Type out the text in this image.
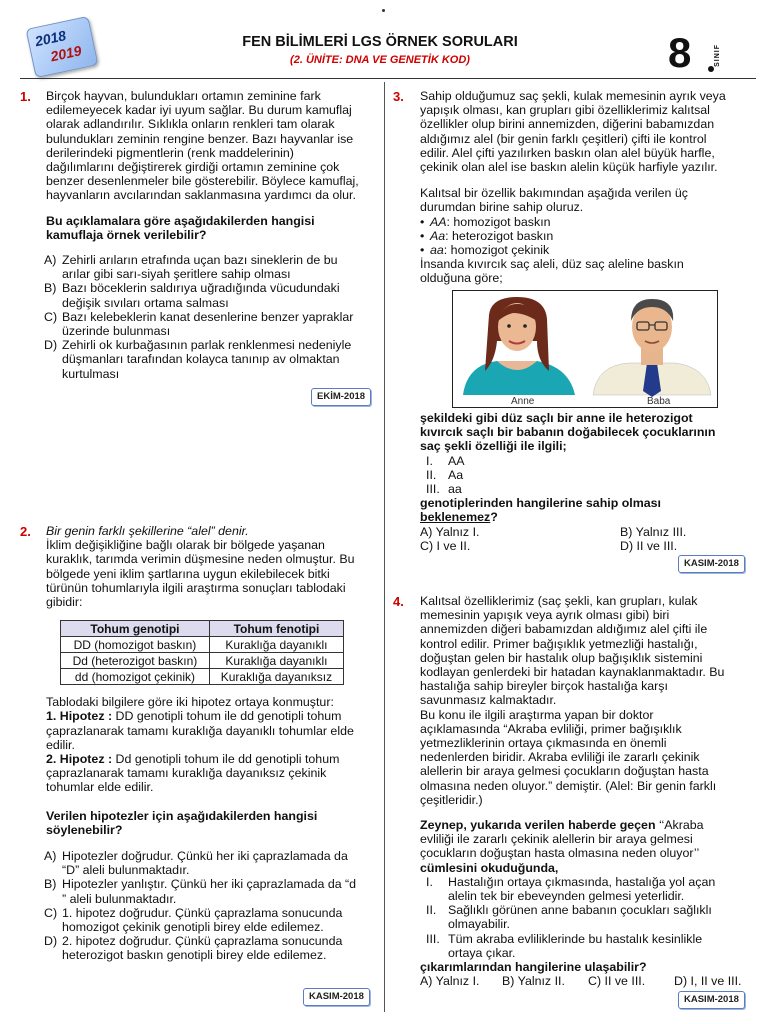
2018
2019
FEN BİLİMLERİ LGS ÖRNEK SORULARI
(2. ÜNİTE: DNA VE GENETİK KOD)	8	SINIF
1. Birçok hayvan, bulundukları ortamın zeminine fark
edilemeyecek kadar iyi uyum sağlar. Bu durum kamuflaj
olarak adlandırılır. Sıklıkla onların renkleri tam olarak
bulundukları zeminin rengine benzer. Bazı hayvanlar ise
derilerindeki pigmentlerin (renk maddelerinin)
dağılımlarını değiştirerek girdiği ortamın zeminine çok
benzer desenlenmeler bile gösterebilir. Böylece kamuflaj,
hayvanların avcılarından saklanmasına yardımcı da olur.
Bu açıklamalara göre aşağıdakilerden hangisi
kamuflaja örnek verilebilir?
A) Zehirli arıların etrafında uçan bazı sineklerin de bu
arılar gibi sarı-siyah şeritlere sahip olması
B) Bazı böceklerin saldırıya uğradığında vücudundaki
değişik sıvıları ortama salması
C) Bazı kelebeklerin kanat desenlerine benzer yapraklar
üzerinde bulunması
D) Zehirli ok kurbağasının parlak renklenmesi nedeniyle
düşmanları tarafından kolayca tanınıp av olmaktan
kurtulması
EKİM-2018
2. Bir genin farklı şekillerine “alel” denir.
İklim değişikliğine bağlı olarak bir bölgede yaşanan
kuraklık, tarımda verimin düşmesine neden olmuştur. Bu
bölgede yeni iklim şartlarına uygun ekilebilecek bitki
türünün tohumlarıyla ilgili araştırma sonuçları tablodaki
gibidir:
Tohum genotipi	Tohum fenotipi
DD (homozigot baskın)	Kuraklığa dayanıklı
Dd (heterozigot baskın)	Kuraklığa dayanıklı
dd (homozigot çekinik)	Kuraklığa dayanıksız
Tablodaki bilgilere göre iki hipotez ortaya konmuştur:
1. Hipotez : DD genotipli tohum ile dd genotipli tohum
çaprazlanarak tamamı kuraklığa dayanıklı tohumlar elde
edilir.
2. Hipotez : Dd genotipli tohum ile dd genotipli tohum
çaprazlanarak tamamı kuraklığa dayanıksız çekinik
tohumlar elde edilir.
Verilen hipotezler için aşağıdakilerden hangisi
söylenebilir?
A) Hipotezler doğrudur. Çünkü her iki çaprazlamada da
“D” aleli bulunmaktadır.
B) Hipotezler yanlıştır. Çünkü her iki çaprazlamada da “d
” aleli bulunmaktadır.
C) 1. hipotez doğrudur. Çünkü çaprazlama sonucunda
homozigot çekinik genotipli birey elde edilemez.
D) 2. hipotez doğrudur. Çünkü çaprazlama sonucunda
heterozigot baskın genotipli birey elde edilemez.
KASIM-2018
3. Sahip olduğumuz saç şekli, kulak memesinin ayrık veya
yapışık olması, kan grupları gibi özelliklerimiz kalıtsal
özellikler olup birini annemizden, diğerini babamızdan
aldığımız alel (bir genin farklı çeşitleri) çifti ile kontrol
edilir. Alel çifti yazılırken baskın olan alel büyük harfle,
çekinik olan alel ise baskın alelin küçük harfiyle yazılır.
Kalıtsal bir özellik bakımından aşağıda verilen üç
durumdan birine sahip oluruz.
• AA: homozigot baskın
• Aa: heterozigot baskın
• aa: homozigot çekinik
İnsanda kıvırcık saç aleli, düz saç aleline baskın
olduğuna göre;
Anne	Baba
şekildeki gibi düz saçlı bir anne ile heterozigot
kıvırcık saçlı bir babanın doğabilecek çocuklarının
saç şekli özelliği ile ilgili;
I. AA
II. Aa
III. aa
genotiplerinden hangilerine sahip olması
beklenemez?
A) Yalnız I.	B) Yalnız III.
C) I ve II.	D) II ve III.
KASIM-2018
4. Kalıtsal özelliklerimiz (saç şekli, kan grupları, kulak
memesinin yapışık veya ayrık olması gibi) biri
annemizden diğeri babamızdan aldığımız alel çifti ile
kontrol edilir. Primer bağışıklık yetmezliği hastalığı,
doğuştan gelen bir hastalık olup bağışıklık sistemini
kodlayan genlerdeki bir hatadan kaynaklanmaktadır. Bu
hastalığa sahip bireyler birçok hastalığa karşı
savunmasız kalmaktadır.
Bu konu ile ilgili araştırma yapan bir doktor
açıklamasında “Akraba evliliği, primer bağışıklık
yetmezliklerinin ortaya çıkmasında en önemli
nedenlerden biridir. Akraba evliliği ile zararlı çekinik
alellerin bir araya gelmesi çocukların doğuştan hasta
olmasına neden oluyor.” demiştir. (Alel: Bir genin farklı
çeşitleridir.)
Zeynep, yukarıda verilen haberde geçen ‘‘Akraba
evliliği ile zararlı çekinik alellerin bir araya gelmesi
çocukların doğuştan hasta olmasına neden oluyor’’
cümlesini okuduğunda,
I. Hastalığın ortaya çıkmasında, hastalığa yol açan
alelin tek bir ebeveynden gelmesi yeterlidir.
II. Sağlıklı görünen anne babanın çocukları sağlıklı
olmayabilir.
III. Tüm akraba evliliklerinde bu hastalık kesinlikle
ortaya çıkar.
çıkarımlarından hangilerine ulaşabilir?
A) Yalnız I. B) Yalnız II. C) II ve III. D) I, II ve III.
KASIM-2018
